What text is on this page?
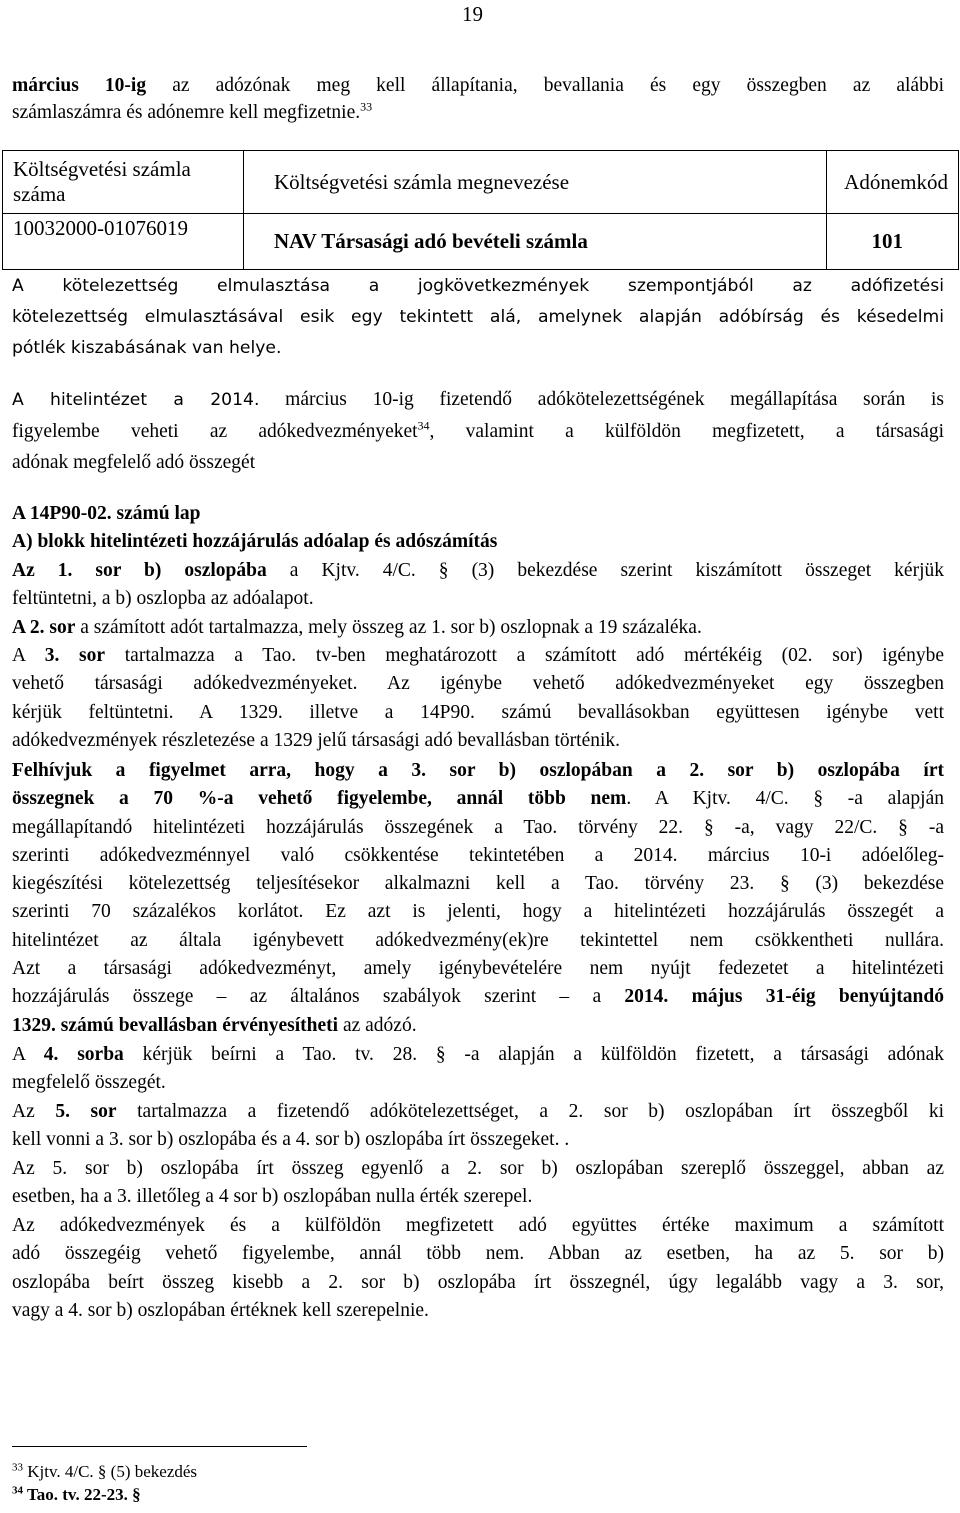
19
március 10-ig az adózónak meg kell állapítania, bevallania és egy összegben az alábbi
számlaszámra és adónemre kell megfizetnie.$^{33}$
Költségvetési számla száma	Költségvetési számla megnevezése	Adónemkód
10032000-01076019	NAV Társasági adó bevételi számla	101
A kötelezettség elmulasztása a jogkövetkezmények szempontjából az adófizetési
kötelezettség elmulasztásával esik egy tekintett alá, amelynek alapján adóbírság és késedelmi
pótlék kiszabásának van helye.
A hitelintézet a 2014. március 10-ig fizetendő adókötelezettségének megállapítása során is
figyelembe veheti az adókedvezményeket$^{34}$, valamint a külföldön megfizetett, a társasági
adónak megfelelő adó összegét
A 14P90-02. számú lap
A) blokk hitelintézeti hozzájárulás adóalap és adószámítás
Az 1. sor b) oszlopába a Kjtv. 4/C. § (3) bekezdése szerint kiszámított összeget kérjük
feltüntetni, a b) oszlopba az adóalapot.
A 2. sor a számított adót tartalmazza, mely összeg az 1. sor b) oszlopnak a 19 százaléka.
A 3. sor tartalmazza a Tao. tv-ben meghatározott a számított adó mértékéig (02. sor) igénybe
vehető társasági adókedvezményeket. Az igénybe vehető adókedvezményeket egy összegben
kérjük feltüntetni. A 1329. illetve a 14P90. számú bevallásokban együttesen igénybe vett
adókedvezmények részletezése a 1329 jelű társasági adó bevallásban történik.
Felhívjuk a figyelmet arra, hogy a 3. sor b) oszlopában a 2. sor b) oszlopába írt
összegnek a 70 %-a vehető figyelembe, annál több nem. A Kjtv. 4/C. § -a alapján
megállapítandó hitelintézeti hozzájárulás összegének a Tao. törvény 22. § -a, vagy 22/C. § -a
szerinti adókedvezménnyel való csökkentése tekintetében a 2014. március 10-i adóelőleg-
kiegészítési kötelezettség teljesítésekor alkalmazni kell a Tao. törvény 23. § (3) bekezdése
szerinti 70 százalékos korlátot. Ez azt is jelenti, hogy a hitelintézeti hozzájárulás összegét a
hitelintézet az általa igénybevett adókedvezmény(ek)re tekintettel nem csökkentheti nullára.
Azt a társasági adókedvezményt, amely igénybevételére nem nyújt fedezetet a hitelintézeti
hozzájárulás összege – az általános szabályok szerint – a 2014. május 31-éig benyújtandó
1329. számú bevallásban érvényesítheti az adózó.
A 4. sorba kérjük beírni a Tao. tv. 28. § -a alapján a külföldön fizetett, a társasági adónak
megfelelő összegét.
Az 5. sor tartalmazza a fizetendő adókötelezettséget, a 2. sor b) oszlopában írt összegből ki
kell vonni a 3. sor b) oszlopába és a 4. sor b) oszlopába írt összegeket. .
Az 5. sor b) oszlopába írt összeg egyenlő a 2. sor b) oszlopában szereplő összeggel, abban az
esetben, ha a 3. illetőleg a 4 sor b) oszlopában nulla érték szerepel.
Az adókedvezmények és a külföldön megfizetett adó együttes értéke maximum a számított
adó összegéig vehető figyelembe, annál több nem. Abban az esetben, ha az 5. sor b)
oszlopába beírt összeg kisebb a 2. sor b) oszlopába írt összegnél, úgy legalább vagy a 3. sor,
vagy a 4. sor b) oszlopában értéknek kell szerepelnie.
$^{33}$ Kjtv. 4/C. § (5) bekezdés
$^{34}$ Tao. tv. 22-23. §
